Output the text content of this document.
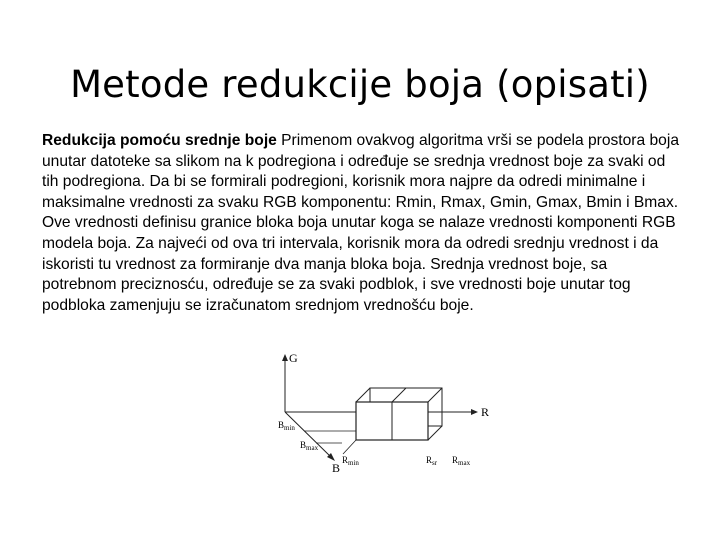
Metode redukcije boja (opisati)
Redukcija pomoću srednje boje Primenom ovakvog algoritma vrši se podela prostora boja unutar datoteke sa slikom na k podregiona i određuje se srednja vrednost boje za svaki od tih podregiona. Da bi se formirali podregioni, korisnik mora najpre da odredi minimalne i maksimalne vrednosti za svaku RGB komponentu: Rmin, Rmax, Gmin, Gmax, Bmin i Bmax. Ove vrednosti definisu granice bloka boja unutar koga se nalaze vrednosti komponenti RGB modela boja. Za najveći od ova tri intervala, korisnik mora da odredi srednju vrednost i da iskoristi tu vrednost za formiranje dva manja bloka boja. Srednja vrednost boje, sa potrebnom preciznosću, određuje se za svaki podblok, i sve vrednosti boje unutar tog podbloka zamenjuju se izračunatom srednjom vrednošću boje.
G
R
B
$B_{min}$
$B_{max}$
$R_{min}$	$R_{sr}$ $R_{max}$
